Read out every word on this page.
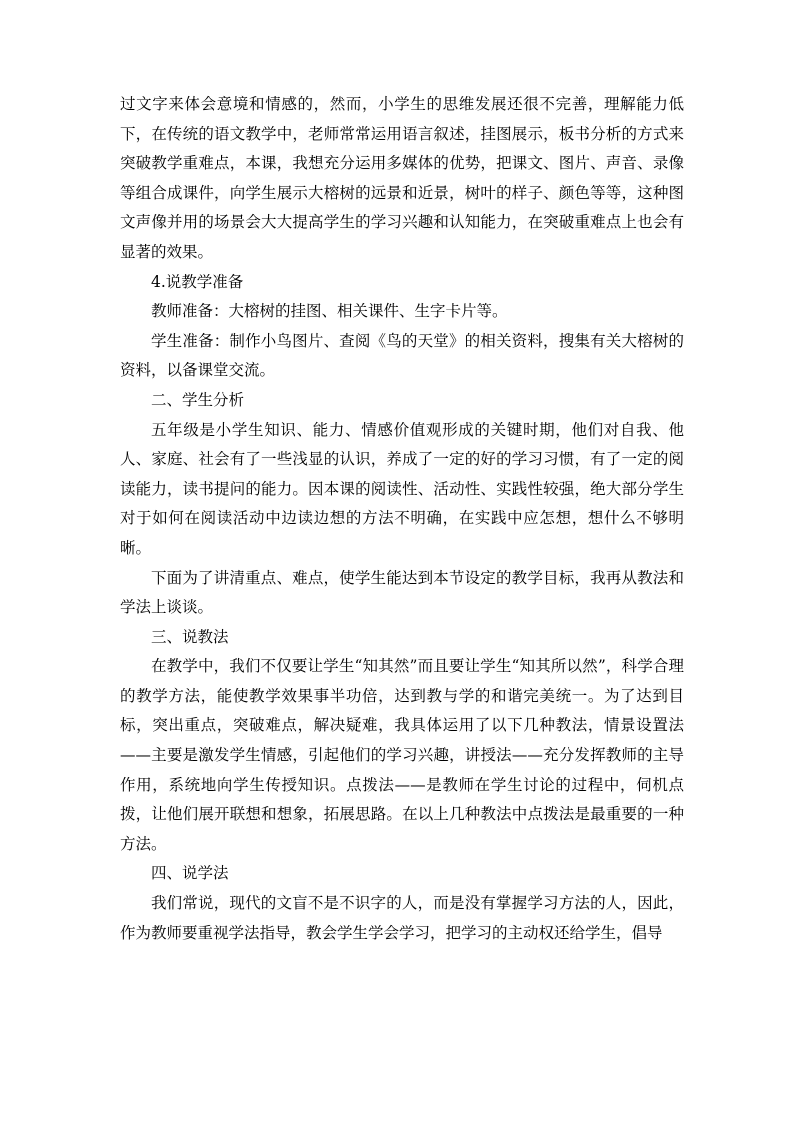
过文字来体会意境和情感的，然而，小学生的思维发展还很不完善，理解能力低下，在传统的语文教学中，老师常常运用语言叙述，挂图展示，板书分析的方式来突破教学重难点，本课，我想充分运用多媒体的优势，把课文、图片、声音、录像等组合成课件，向学生展示大榕树的远景和近景，树叶的样子、颜色等等，这种图文声像并用的场景会大大提高学生的学习兴趣和认知能力，在突破重难点上也会有显著的效果。

4.说教学准备

教师准备：大榕树的挂图、相关课件、生字卡片等。

学生准备：制作小鸟图片、查阅《鸟的天堂》的相关资料，搜集有关大榕树的资料，以备课堂交流。

二、学生分析

五年级是小学生知识、能力、情感价值观形成的关键时期，他们对自我、他人、家庭、社会有了一些浅显的认识，养成了一定的好的学习习惯，有了一定的阅读能力，读书提问的能力。因本课的阅读性、活动性、实践性较强，绝大部分学生对于如何在阅读活动中边读边想的方法不明确，在实践中应怎想，想什么不够明晰。

下面为了讲清重点、难点，使学生能达到本节设定的教学目标，我再从教法和学法上谈谈。

三、说教法

在教学中，我们不仅要让学生“知其然”而且要让学生“知其所以然”，科学合理的教学方法，能使教学效果事半功倍，达到教与学的和谐完美统一。为了达到目标，突出重点，突破难点，解决疑难，我具体运用了以下几种教法，情景设置法——主要是激发学生情感，引起他们的学习兴趣，讲授法——充分发挥教师的主导作用，系统地向学生传授知识。点拨法——是教师在学生讨论的过程中，伺机点拨，让他们展开联想和想象，拓展思路。在以上几种教法中点拨法是最重要的一种方法。

四、说学法

我们常说，现代的文盲不是不识字的人，而是没有掌握学习方法的人，因此，作为教师要重视学法指导，教会学生学会学习，把学习的主动权还给学生，倡导
